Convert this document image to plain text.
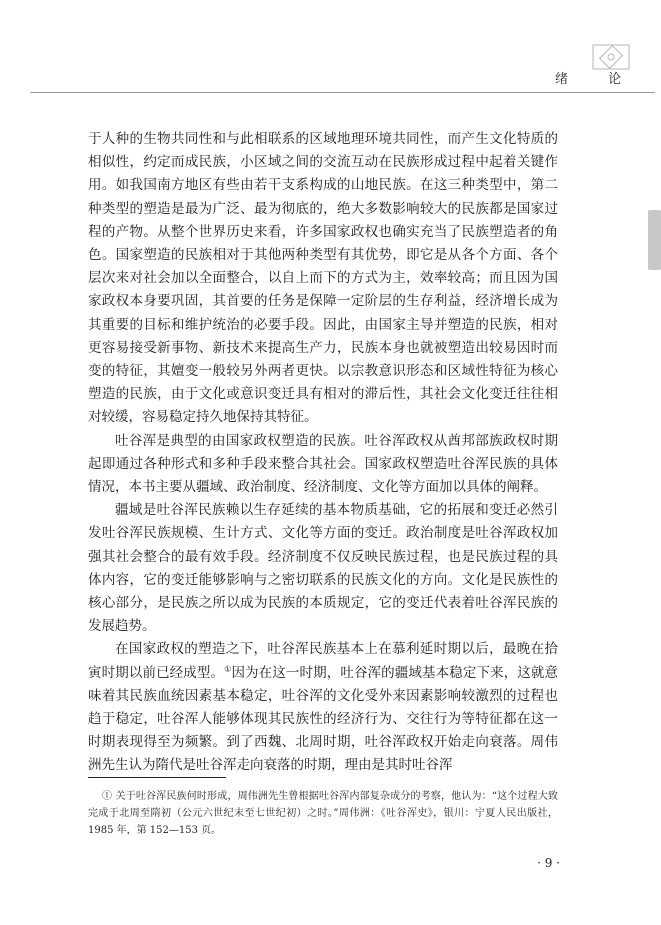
绪 论

于人种的生物共同性和与此相联系的区域地理环境共同性，而产生文化特质的相似性，约定而成民族，小区域之间的交流互动在民族形成过程中起着关键作用。如我国南方地区有些由若干支系构成的山地民族。在这三种类型中，第二种类型的塑造是最为广泛、最为彻底的，绝大多数影响较大的民族都是国家过程的产物。从整个世界历史来看，许多国家政权也确实充当了民族塑造者的角色。国家塑造的民族相对于其他两种类型有其优势，即它是从各个方面、各个层次来对社会加以全面整合，以自上而下的方式为主，效率较高；而且因为国家政权本身要巩固，其首要的任务是保障一定阶层的生存利益，经济增长成为其重要的目标和维护统治的必要手段。因此，由国家主导并塑造的民族，相对更容易接受新事物、新技术来提高生产力，民族本身也就被塑造出较易因时而变的特征，其嬗变一般较另外两者更快。以宗教意识形态和区域性特征为核心塑造的民族，由于文化或意识变迁具有相对的滞后性，其社会文化变迁往往相对较缓，容易稳定持久地保持其特征。

吐谷浑是典型的由国家政权塑造的民族。吐谷浑政权从酋邦部族政权时期起即通过各种形式和多种手段来整合其社会。国家政权塑造吐谷浑民族的具体情况，本书主要从疆域、政治制度、经济制度、文化等方面加以具体的阐释。

疆域是吐谷浑民族赖以生存延续的基本物质基础，它的拓展和变迁必然引发吐谷浑民族规模、生计方式、文化等方面的变迁。政治制度是吐谷浑政权加强其社会整合的最有效手段。经济制度不仅反映民族过程，也是民族过程的具体内容，它的变迁能够影响与之密切联系的民族文化的方向。文化是民族性的核心部分，是民族之所以成为民族的本质规定，它的变迁代表着吐谷浑民族的发展趋势。

在国家政权的塑造之下，吐谷浑民族基本上在慕利延时期以后，最晚在拾寅时期以前已经成型。①因为在这一时期，吐谷浑的疆域基本稳定下来，这就意味着其民族血统因素基本稳定，吐谷浑的文化受外来因素影响较激烈的过程也趋于稳定，吐谷浑人能够体现其民族性的经济行为、交往行为等特征都在这一时期表现得至为频繁。到了西魏、北周时期，吐谷浑政权开始走向衰落。周伟洲先生认为隋代是吐谷浑走向衰落的时期，理由是其时吐谷浑

① 关于吐谷浑民族何时形成，周伟洲先生曾根据吐谷浑内部复杂成分的考察，他认为：“这个过程大致完成于北周至隋初（公元六世纪末至七世纪初）之时。”周伟洲：《吐谷浑史》，银川：宁夏人民出版社，1985 年，第 152—153 页。

· 9 ·
